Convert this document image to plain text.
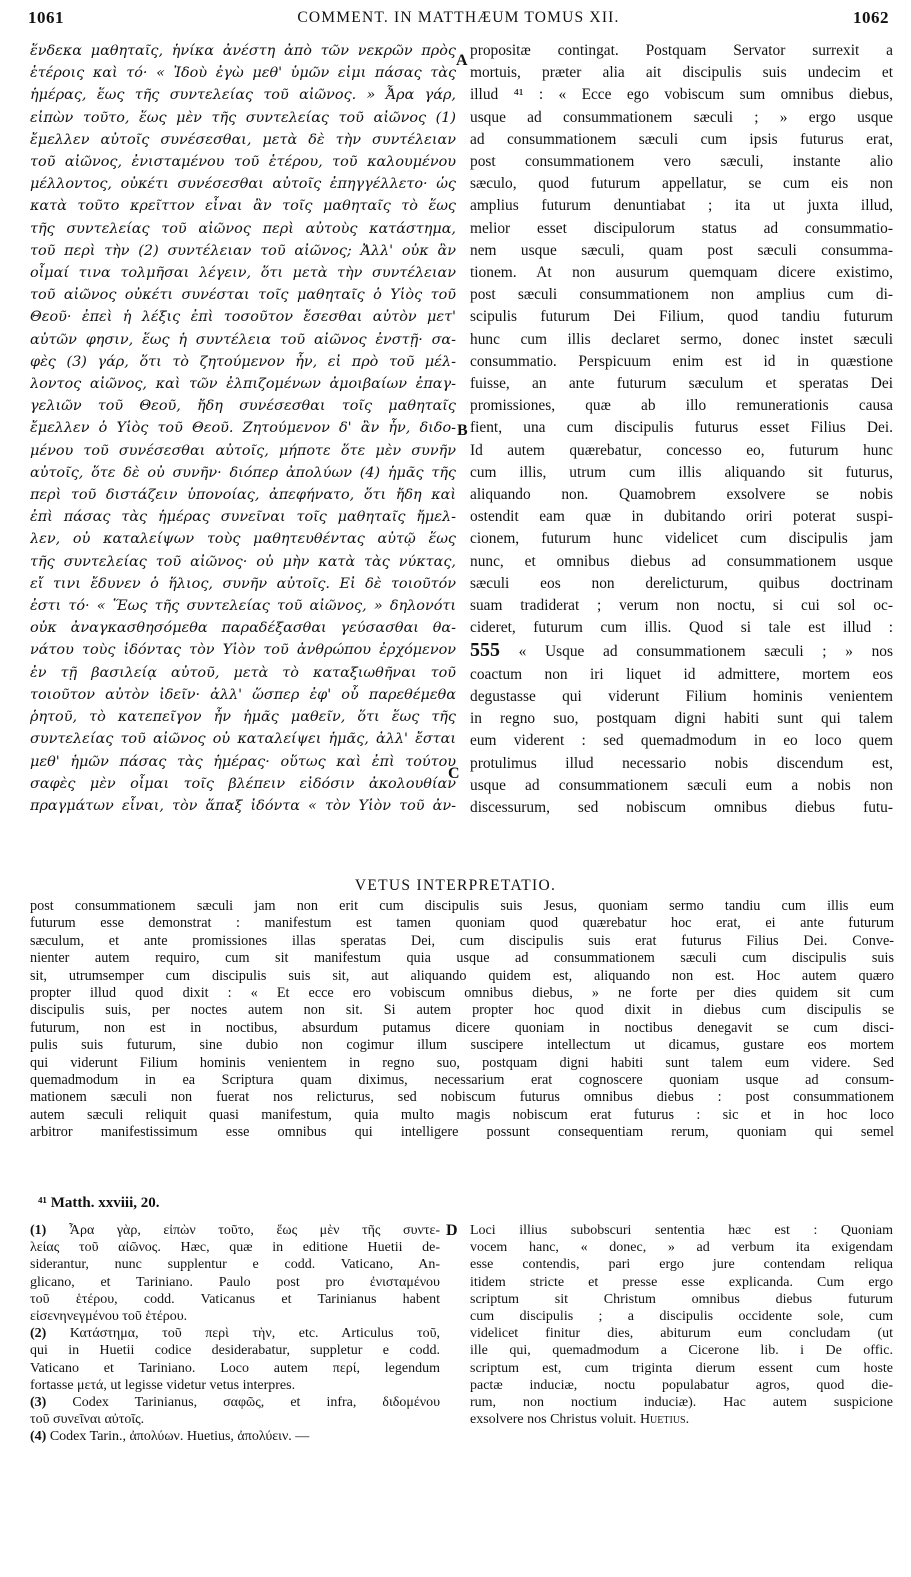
1061	COMMENT. IN MATTHÆUM TOMUS XII.	1062
ἕνδεκα μαθηταῖς, ἡνίκα ἀνέστη ἀπὸ τῶν νεκρῶν πρὸς
ἑτέροις καὶ τό· « Ἰδοὺ ἐγὼ μεθ' ὑμῶν εἰμι πάσας τὰς
ἡμέρας, ἕως τῆς συντελείας τοῦ αἰῶνος. » Ἆρα γάρ,
εἰπὼν τοῦτο, ἕως μὲν τῆς συντελείας τοῦ αἰῶνος (1)
ἔμελλεν αὐτοῖς συνέσεσθαι, μετὰ δὲ τὴν συντέλειαν
τοῦ αἰῶνος, ἐνισταμένου τοῦ ἑτέρου, τοῦ καλουμένου
μέλλοντος, οὐκέτι συνέσεσθαι αὐτοῖς ἐπηγγέλλετο· ὡς
κατὰ τοῦτο κρεῖττον εἶναι ἂν τοῖς μαθηταῖς τὸ ἕως
τῆς συντελείας τοῦ αἰῶνος περὶ αὐτοὺς κατάστημα,
τοῦ περὶ τὴν (2) συντέλειαν τοῦ αἰῶνος; Ἀλλ' οὐκ ἂν
οἶμαί τινα τολμῆσαι λέγειν, ὅτι μετὰ τὴν συντέλειαν
τοῦ αἰῶνος οὐκέτι συνέσται τοῖς μαθηταῖς ὁ Υἱὸς τοῦ
Θεοῦ· ἐπεὶ ἡ λέξις ἐπὶ τοσοῦτον ἔσεσθαι αὐτὸν μετ'
αὐτῶν φησιν, ἕως ἡ συντέλεια τοῦ αἰῶνος ἐνστῇ· σα-
φὲς (3) γάρ, ὅτι τὸ ζητούμενον ἦν, εἰ πρὸ τοῦ μέλ-
λοντος αἰῶνος, καὶ τῶν ἐλπιζομένων ἀμοιβαίων ἐπαγ-
γελιῶν τοῦ Θεοῦ, ἤδη συνέσεσθαι τοῖς μαθηταῖς
ἔμελλεν ὁ Υἱὸς τοῦ Θεοῦ. Ζητούμενον δ' ἂν ἦν, διδο-
μένου τοῦ συνέσεσθαι αὐτοῖς, μήποτε ὅτε μὲν συνῆν
αὐτοῖς, ὅτε δὲ οὐ συνῆν· διόπερ ἀπολύων (4) ἡμᾶς τῆς
περὶ τοῦ διστάζειν ὑπονοίας, ἀπεφήνατο, ὅτι ἤδη καὶ
ἐπὶ πάσας τὰς ἡμέρας συνεῖναι τοῖς μαθηταῖς ἤμελ-
λεν, οὐ καταλείψων τοὺς μαθητευθέντας αὐτῷ ἕως
τῆς συντελείας τοῦ αἰῶνος· οὐ μὴν κατὰ τὰς νύκτας,
εἴ τινι ἔδυνεν ὁ ἥλιος, συνῆν αὐτοῖς. Εἰ δὲ τοιοῦτόν
ἐστι τό· « Ἕως τῆς συντελείας τοῦ αἰῶνος, » δηλονότι
οὐκ ἀναγκασθησόμεθα παραδέξασθαι γεύσασθαι θα-
νάτου τοὺς ἰδόντας τὸν Υἱὸν τοῦ ἀνθρώπου ἐρχόμενον
ἐν τῇ βασιλείᾳ αὐτοῦ, μετὰ τὸ καταξιωθῆναι τοῦ
τοιοῦτον αὐτὸν ἰδεῖν· ἀλλ' ὥσπερ ἐφ' οὗ παρεθέμεθα
ῥητοῦ, τὸ κατεπεῖγον ἦν ἡμᾶς μαθεῖν, ὅτι ἕως τῆς
συντελείας τοῦ αἰῶνος οὐ καταλείψει ἡμᾶς, ἀλλ' ἔσται
μεθ' ἡμῶν πάσας τὰς ἡμέρας· οὕτως καὶ ἐπὶ τούτου
σαφὲς μὲν οἶμαι τοῖς βλέπειν εἰδόσιν ἀκολουθίαν
πραγμάτων εἶναι, τὸν ἅπαξ ἰδόντα « τὸν Υἱὸν τοῦ ἀν-
A
B
C
propositæ contingat. Postquam Servator surrexit a
mortuis, præter alia ait discipulis suis undecim et
illud ⁴¹ : « Ecce ego vobiscum sum omnibus diebus,
usque ad consummationem sæculi ; » ergo usque
ad consummationem sæculi cum ipsis futurus erat,
post consummationem vero sæculi, instante alio
sæculo, quod futurum appellatur, se cum eis non
amplius futurum denuntiabat ; ita ut juxta illud,
melior esset discipulorum status ad consummatio-
nem usque sæculi, quam post sæculi consumma-
tionem. At non ausurum quemquam dicere existimo,
post sæculi consummationem non amplius cum di-
scipulis futurum Dei Filium, quod tandiu futurum
hunc cum illis declaret sermo, donec instet sæculi
consummatio. Perspicuum enim est id in quæstione
fuisse, an ante futurum sæculum et speratas Dei
promissiones, quæ ab illo remunerationis causa
fient, una cum discipulis futurus esset Filius Dei.
Id autem quærebatur, concesso eo, futurum hunc
cum illis, utrum cum illis aliquando sit futurus,
aliquando non. Quamobrem exsolvere se nobis
ostendit eam quæ in dubitando oriri poterat suspi-
cionem, futurum hunc videlicet cum discipulis jam
nunc, et omnibus diebus ad consummationem usque
sæculi eos non derelicturum, quibus doctrinam
suam tradiderat ; verum non noctu, si cui sol oc-
cideret, futurum cum illis. Quod si tale est illud :
555 « Usque ad consummationem sæculi ; » nos
coactum non iri liquet id admittere, mortem eos
degustasse qui viderunt Filium hominis venientem
in regno suo, postquam digni habiti sunt qui talem
eum viderent : sed quemadmodum in eo loco quem
protulimus illud necessario nobis discendum est,
usque ad consummationem sæculi eum a nobis non
discessurum, sed nobiscum omnibus diebus futu-
VETUS INTERPRETATIO.
post consummationem sæculi jam non erit cum discipulis suis Jesus, quoniam sermo tandiu cum illis eum
futurum esse demonstrat : manifestum est tamen quoniam quod quærebatur hoc erat, ei ante futurum
sæculum, et ante promissiones illas speratas Dei, cum discipulis suis erat futurus Filius Dei. Conve-
nienter autem requiro, cum sit manifestum quia usque ad consummationem sæculi cum discipulis suis
sit, utrumsemper cum discipulis suis sit, aut aliquando quidem est, aliquando non est. Hoc autem quæro
propter illud quod dixit : « Et ecce ero vobiscum omnibus diebus, » ne forte per dies quidem sit cum
discipulis suis, per noctes autem non sit. Si autem propter hoc quod dixit in diebus cum discipulis se
futurum, non est in noctibus, absurdum putamus dicere quoniam in noctibus denegavit se cum disci-
pulis suis futurum, sine dubio non cogimur illum suscipere intellectum ut dicamus, gustare eos mortem
qui viderunt Filium hominis venientem in regno suo, postquam digni habiti sunt talem eum videre. Sed
quemadmodum in ea Scriptura quam diximus, necessarium erat cognoscere quoniam usque ad consum-
mationem sæculi non fuerat nos relicturus, sed nobiscum futurus omnibus diebus : post consummationem
autem sæculi reliquit quasi manifestum, quia multo magis nobiscum erat futurus : sic et in hoc loco
arbitror manifestissimum esse omnibus qui intelligere possunt consequentiam rerum, quoniam qui semel
⁴¹ Matth. xxviii, 20.
(1) Ἆρα γὰρ, εἰπὼν τοῦτο, ἕως μὲν τῆς συντε-
λείας τοῦ αἰῶνος. Hæc, quæ in editione Huetii de-
siderantur, nunc supplentur e codd. Vaticano, An-
glicano, et Tariniano. Paulo post pro ἐνισταμένου
τοῦ ἑτέρου, codd. Vaticanus et Tarinianus habent
εἰσενηνεγμένου τοῦ ἑτέρου.
(2) Κατάστημα, τοῦ περὶ τὴν, etc. Articulus τοῦ,
qui in Huetii codice desiderabatur, suppletur e codd.
Vaticano et Tariniano. Loco autem περί, legendum
fortasse μετά, ut legisse videtur vetus interpres.
(3) Codex Tarinianus, σαφῶς, et infra, διδομένου
τοῦ συνεῖναι αὐτοῖς.
(4) Codex Tarin., ἀπολύων. Huetius, ἀπολύειν. —
D Loci illius subobscuri sententia hæc est : Quoniam
vocem hanc, « donec, » ad verbum ita exigendam
esse contendis, pari ergo jure contendam reliqua
itidem stricte et presse esse explicanda. Cum ergo
scriptum sit Christum omnibus diebus futurum
cum discipulis ; a discipulis occidente sole, cum
videlicet finitur dies, abiturum eum concludam (ut
ille qui, quemadmodum a Cicerone lib. i De offic.
scriptum est, cum triginta dierum essent cum hoste
pactæ induciæ, noctu populabatur agros, quod die-
rum, non noctium induciæ). Hac autem suspicione
exsolvere nos Christus voluit. Huetius.
